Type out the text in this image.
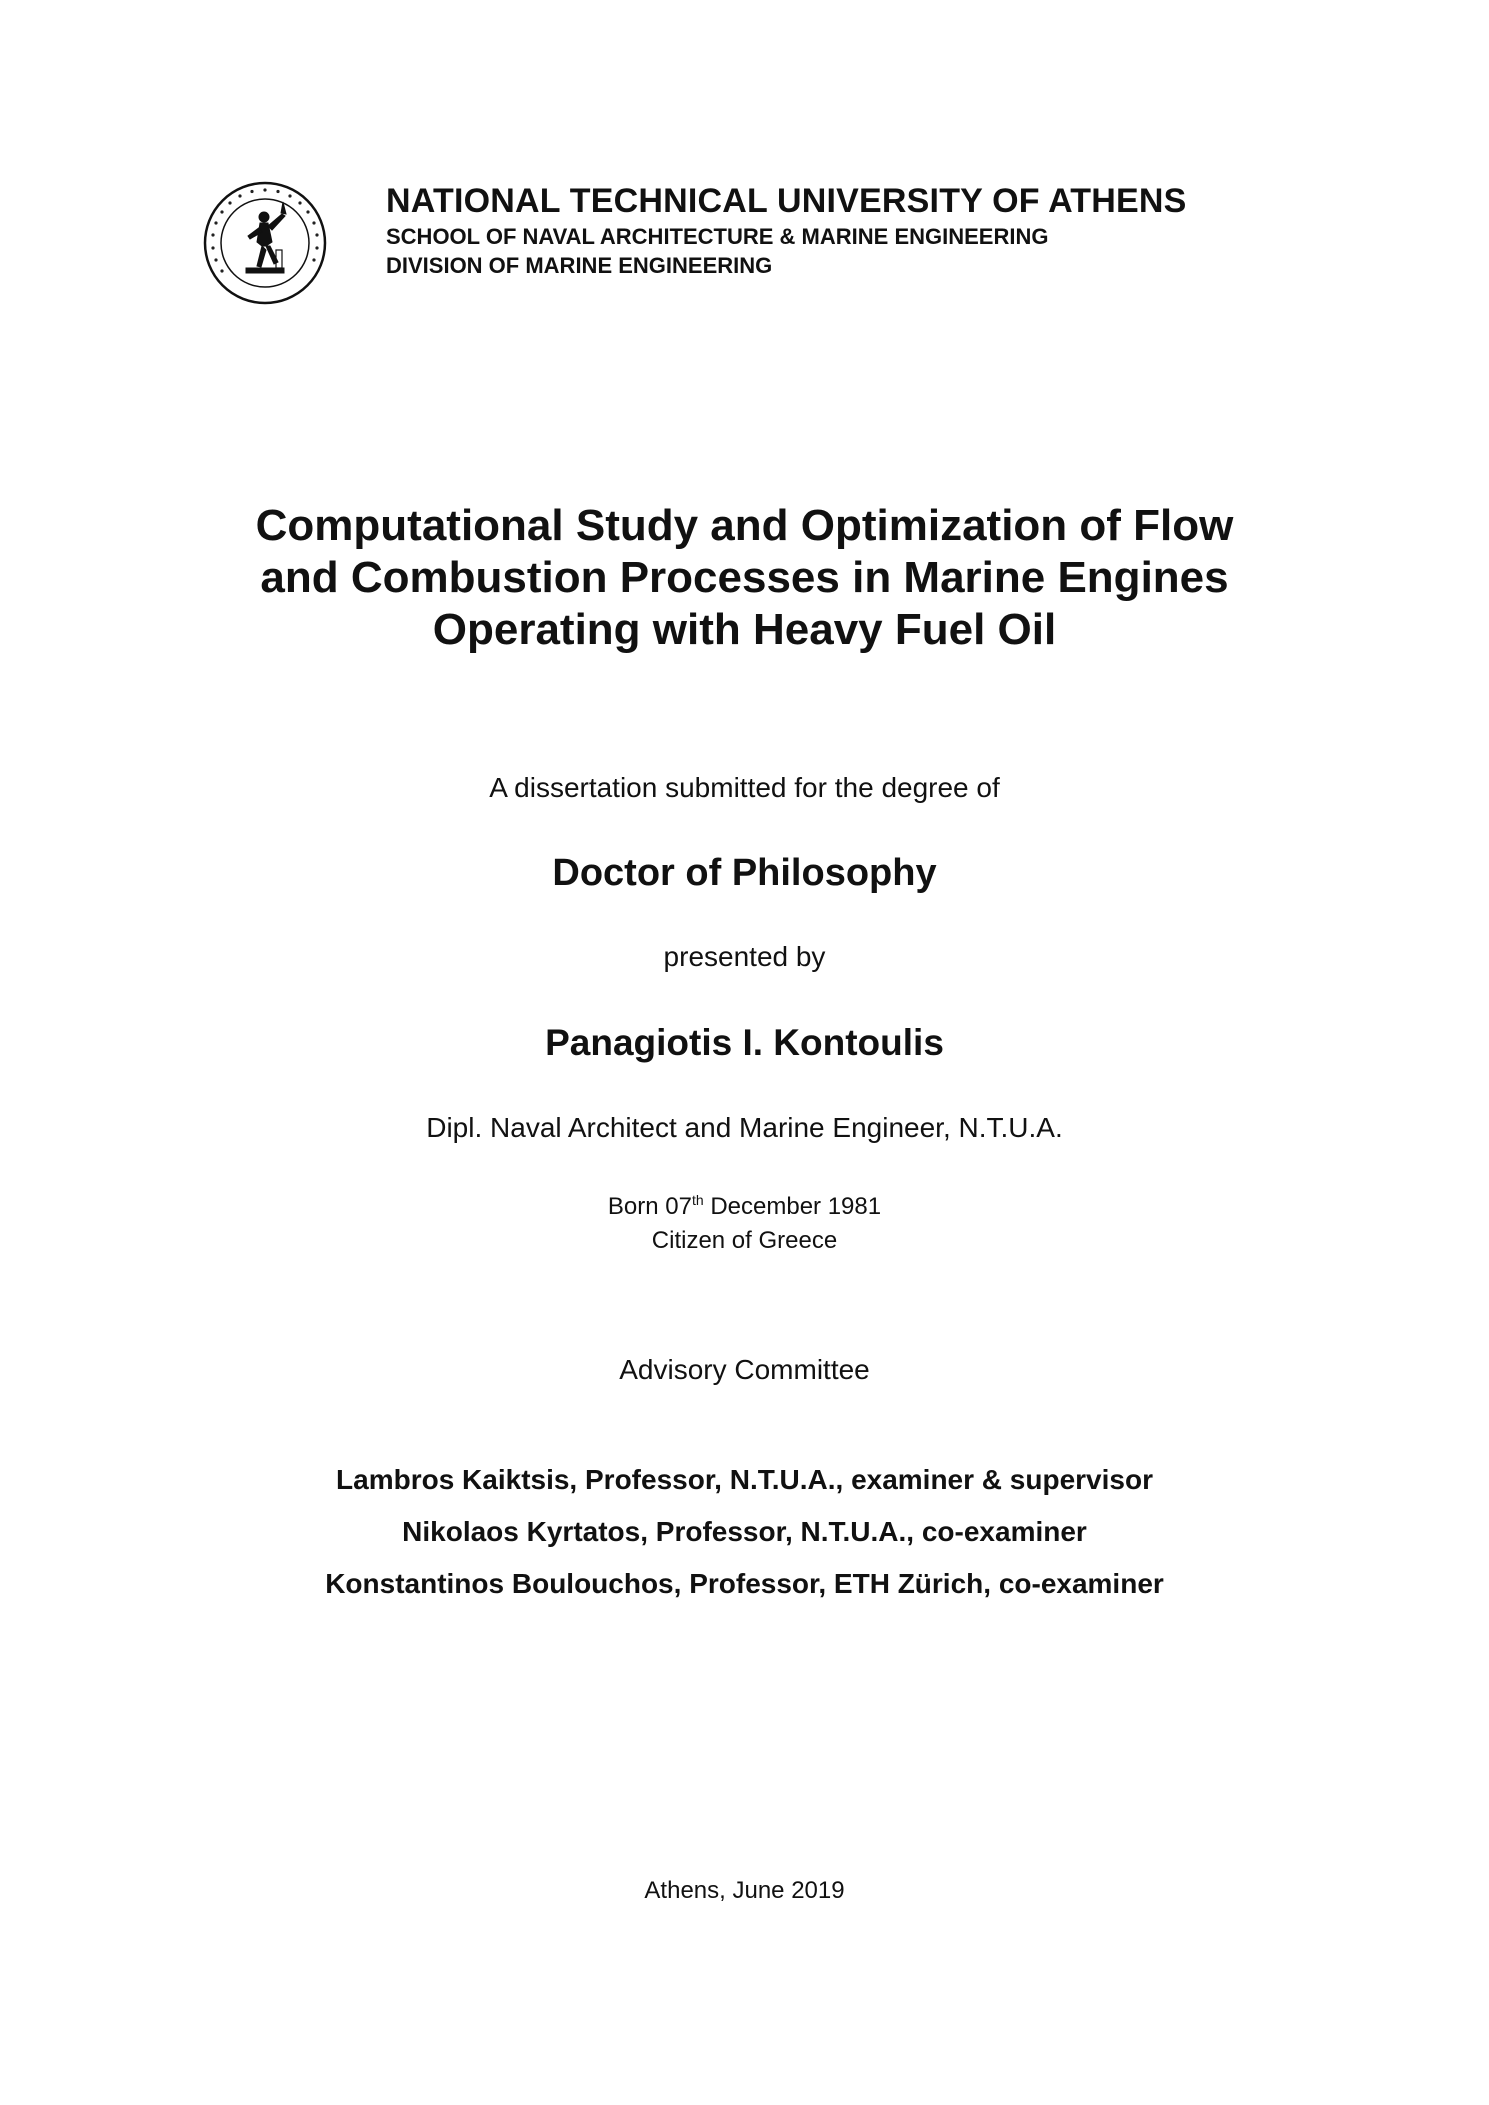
NATIONAL TECHNICAL UNIVERSITY OF ATHENS
SCHOOL OF NAVAL ARCHITECTURE & MARINE ENGINEERING
DIVISION OF MARINE ENGINEERING
Computational Study and Optimization of Flow
and Combustion Processes in Marine Engines
Operating with Heavy Fuel Oil
A dissertation submitted for the degree of
Doctor of Philosophy
presented by
Panagiotis I. Kontoulis
Dipl. Naval Architect and Marine Engineer, N.T.U.A.
Born 07th December 1981
Citizen of Greece
Advisory Committee
Lambros Kaiktsis, Professor, N.T.U.A., examiner & supervisor
Nikolaos Kyrtatos, Professor, N.T.U.A., co-examiner
Konstantinos Boulouchos, Professor, ETH Zürich, co-examiner
Athens, June 2019
